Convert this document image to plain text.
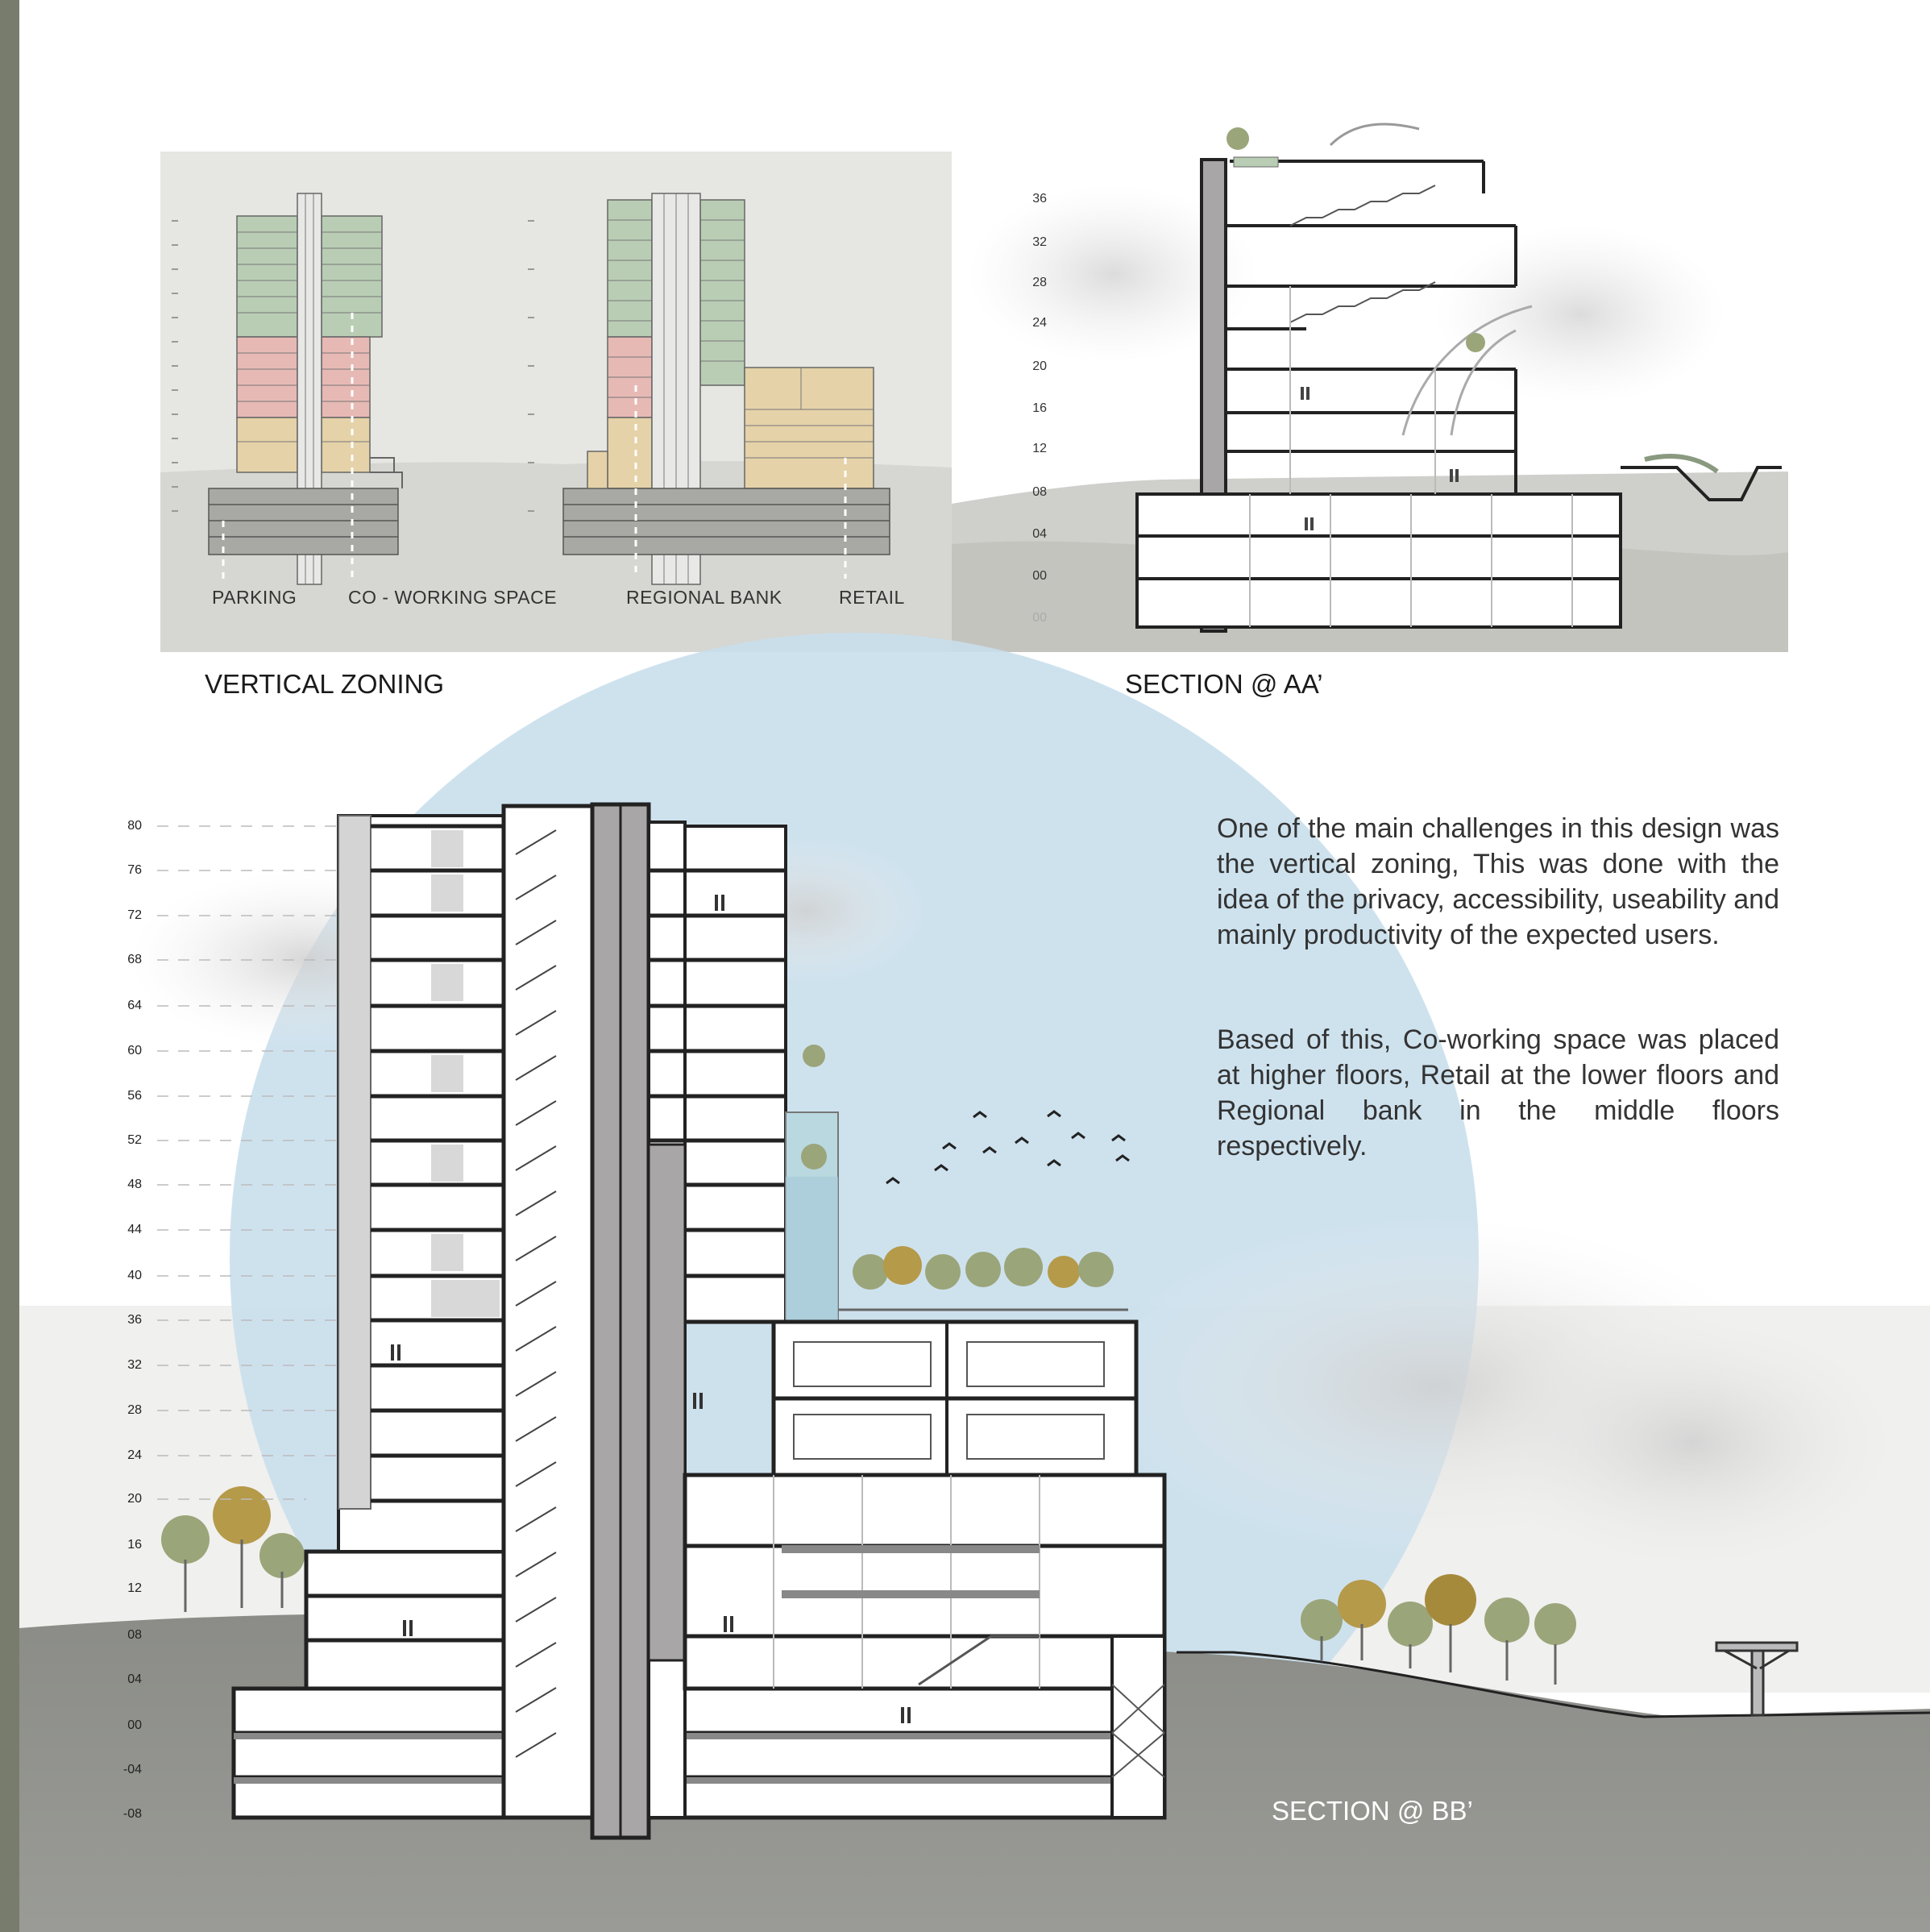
PARKING	CO - WORKING SPACE	REGIONAL BANK	RETAIL
VERTICAL ZONING
36
32
28
24
20
16
12
08
04
00
00
SECTION @ AA’
80
76
72
68
64
60
56
52
48
44
40
36
32
28
24
20
16
12
08
04
00
-04
-08	SECTION @ BB’

One of the main challenges in this design was the vertical zoning, This was done with the idea of the privacy, accessibility, useability and mainly productivity of the expected users.

Based of this, Co-working space was placed at higher floors, Retail at the lower floors and Regional bank in the middle floors respectively.
